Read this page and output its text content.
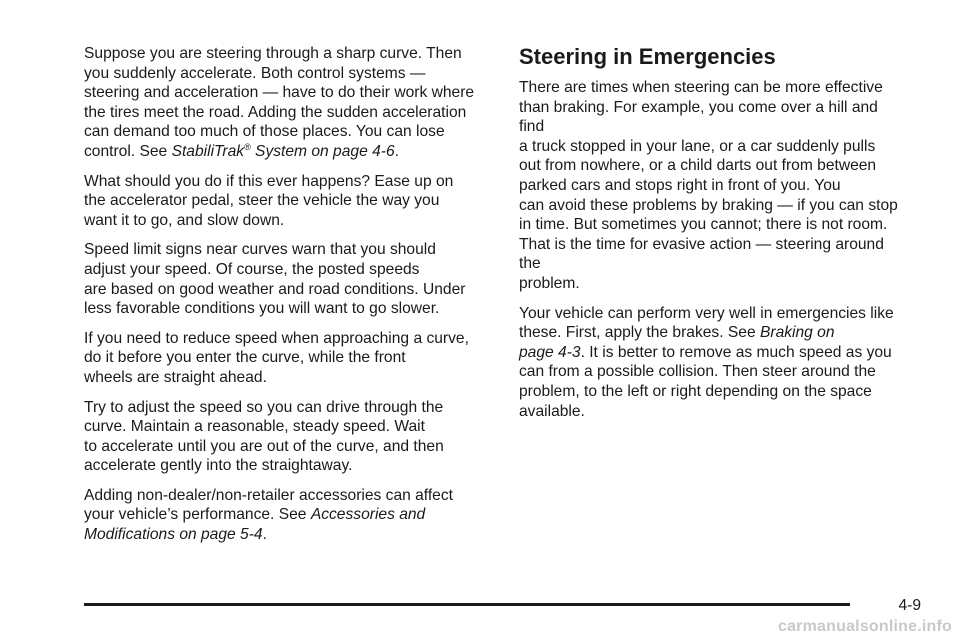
Suppose you are steering through a sharp curve. Then
you suddenly accelerate. Both control systems —
steering and acceleration — have to do their work where
the tires meet the road. Adding the sudden acceleration
can demand too much of those places. You can lose
control. See StabiliTrak® System on page 4-6.

What should you do if this ever happens? Ease up on
the accelerator pedal, steer the vehicle the way you
want it to go, and slow down.

Speed limit signs near curves warn that you should
adjust your speed. Of course, the posted speeds
are based on good weather and road conditions. Under
less favorable conditions you will want to go slower.

If you need to reduce speed when approaching a curve,
do it before you enter the curve, while the front
wheels are straight ahead.

Try to adjust the speed so you can drive through the
curve. Maintain a reasonable, steady speed. Wait
to accelerate until you are out of the curve, and then
accelerate gently into the straightaway.

Adding non-dealer/non-retailer accessories can affect
your vehicle’s performance. See Accessories and
Modifications on page 5-4.

Steering in Emergencies

There are times when steering can be more effective
than braking. For example, you come over a hill and find
a truck stopped in your lane, or a car suddenly pulls
out from nowhere, or a child darts out from between
parked cars and stops right in front of you. You
can avoid these problems by braking — if you can stop
in time. But sometimes you cannot; there is not room.
That is the time for evasive action — steering around the
problem.

Your vehicle can perform very well in emergencies like
these. First, apply the brakes. See Braking on
page 4-3. It is better to remove as much speed as you
can from a possible collision. Then steer around the
problem, to the left or right depending on the space
available.

4-9
carmanualsonline.info
